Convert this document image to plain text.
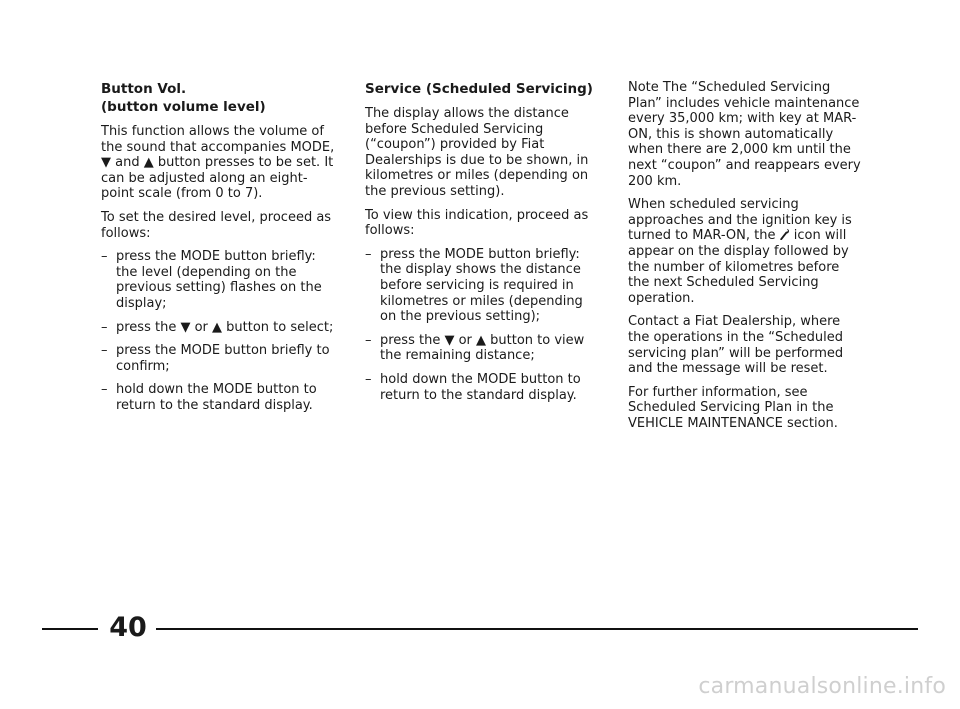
Button Vol.
(button volume level)

This function allows the volume of the sound that accompanies MODE, ▼ and ▲ button presses to be set. It can be adjusted along an eight-point scale (from 0 to 7).

To set the desired level, proceed as follows:

– press the MODE button briefly: the level (depending on the previous setting) flashes on the display;
– press the ▼ or ▲ button to select;
– press the MODE button briefly to confirm;
– hold down the MODE button to return to the standard display.
Service (Scheduled Servicing)

The display allows the distance before Scheduled Servicing (“coupon”) provided by Fiat Dealerships is due to be shown, in kilometres or miles (depending on the previous setting).

To view this indication, proceed as follows:

– press the MODE button briefly: the display shows the distance before servicing is required in kilometres or miles (depending on the previous setting);
– press the ▼ or ▲ button to view the remaining distance;
– hold down the MODE button to return to the standard display.

Note The “Scheduled Servicing Plan” includes vehicle maintenance every 35,000 km; with key at MAR-ON, this is shown automatically when there are 2,000 km until the next “coupon” and reappears every 200 km.

When scheduled servicing approaches and the ignition key is turned to MAR-ON, the  icon will appear on the display followed by the number of kilometres before the next Scheduled Servicing operation.

Contact a Fiat Dealership, where the operations in the “Scheduled servicing plan” will be performed and the message will be reset.

For further information, see Scheduled Servicing Plan in the VEHICLE MAINTENANCE section.

40
carmanualsonline.info
